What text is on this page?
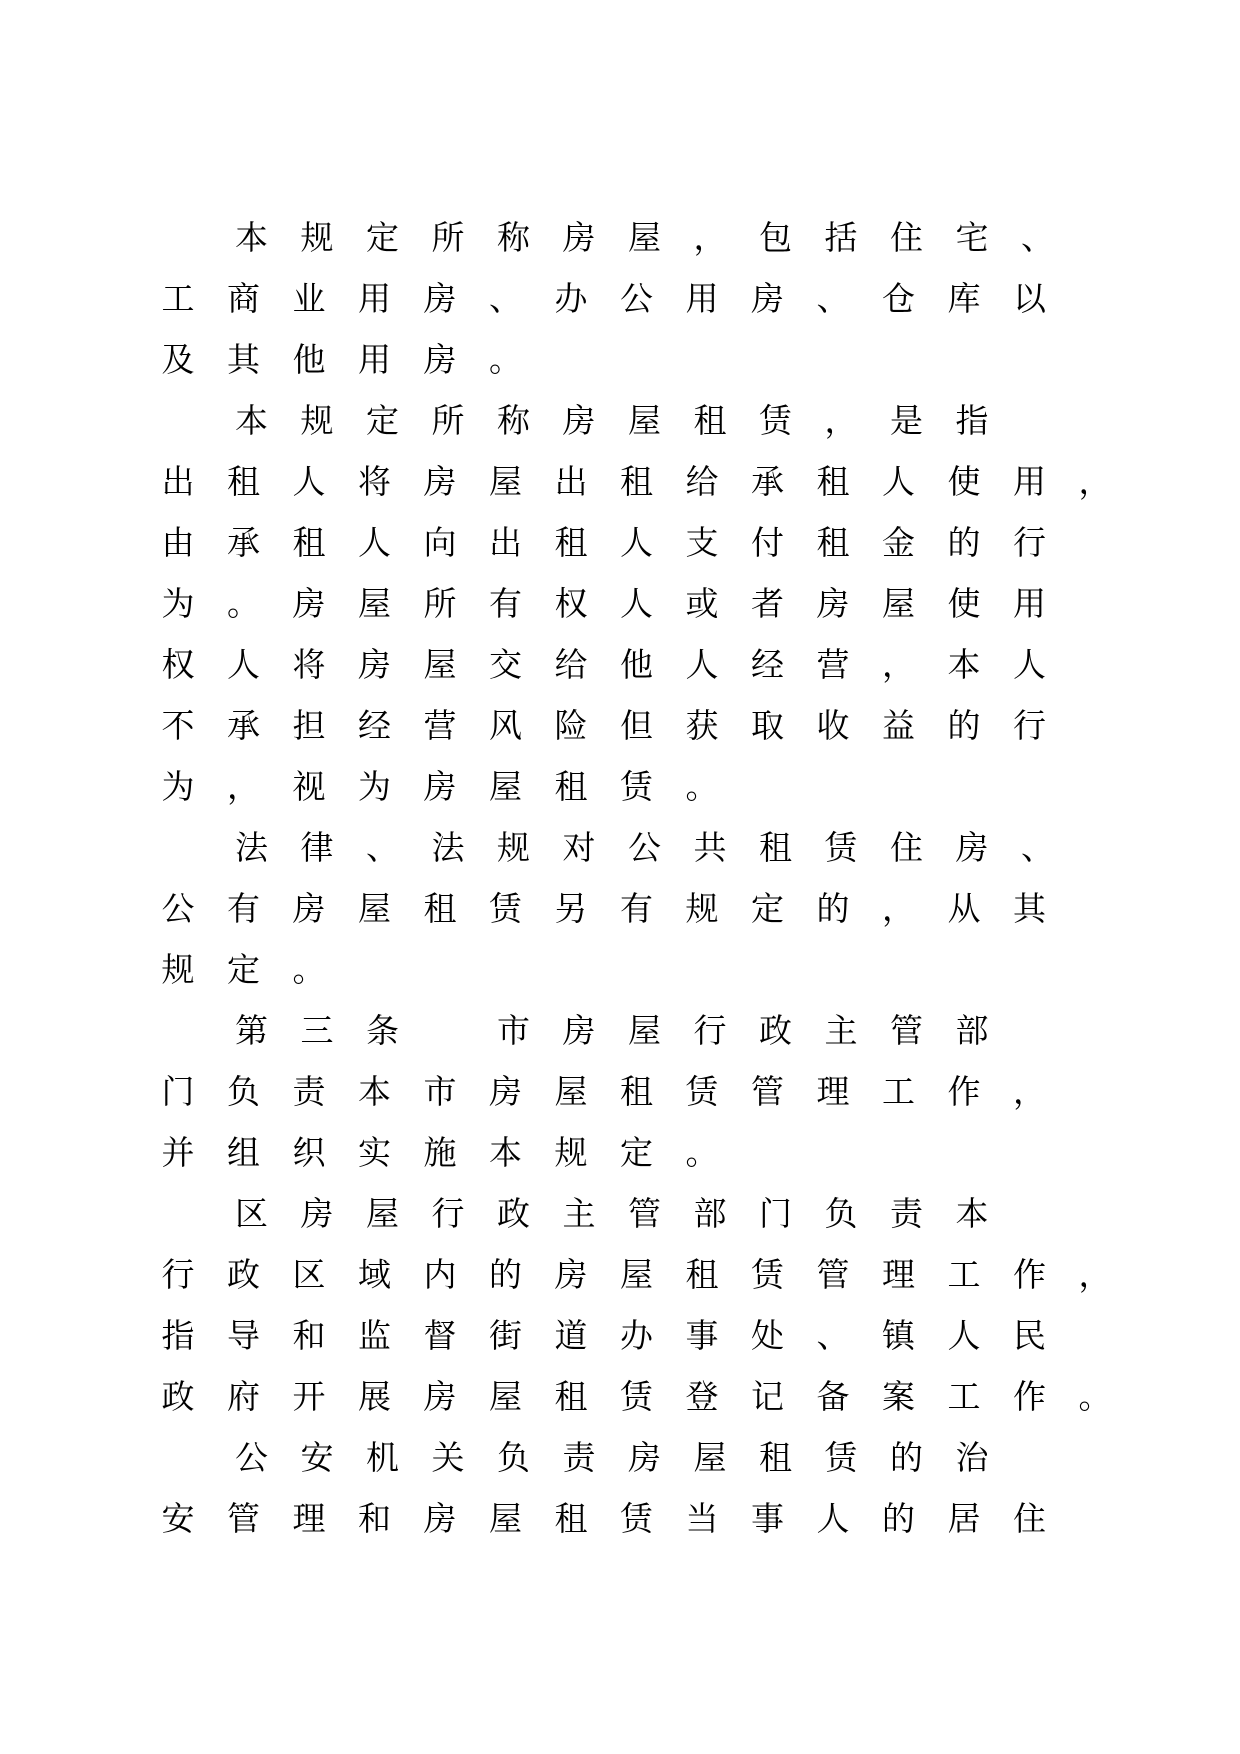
本 规 定 所 称 房 屋 ， 包 括 住 宅 、
工 商 业 用 房 、 办 公 用 房 、 仓 库 以
及 其 他 用 房 。
本 规 定 所 称 房 屋 租 赁 ， 是 指
出 租 人 将 房 屋 出 租 给 承 租 人 使 用 ，
由 承 租 人 向 出 租 人 支 付 租 金 的 行
为 。 房 屋 所 有 权 人 或 者 房 屋 使 用
权 人 将 房 屋 交 给 他 人 经 营 ， 本 人
不 承 担 经 营 风 险 但 获 取 收 益 的 行
为 ， 视 为 房 屋 租 赁 。
法 律 、 法 规 对 公 共 租 赁 住 房 、
公 有 房 屋 租 赁 另 有 规 定 的 ， 从 其
规 定 。
第 三 条	市 房 屋 行 政 主 管 部
门 负 责 本 市 房 屋 租 赁 管 理 工 作 ，
并 组 织 实 施 本 规 定 。
区 房 屋 行 政 主 管 部 门 负 责 本
行 政 区 域 内 的 房 屋 租 赁 管 理 工 作 ，
指 导 和 监 督 街 道 办 事 处 、 镇 人 民
政 府 开 展 房 屋 租 赁 登 记 备 案 工 作 。
公 安 机 关 负 责 房 屋 租 赁 的 治
安 管 理 和 房 屋 租 赁 当 事 人 的 居 住
